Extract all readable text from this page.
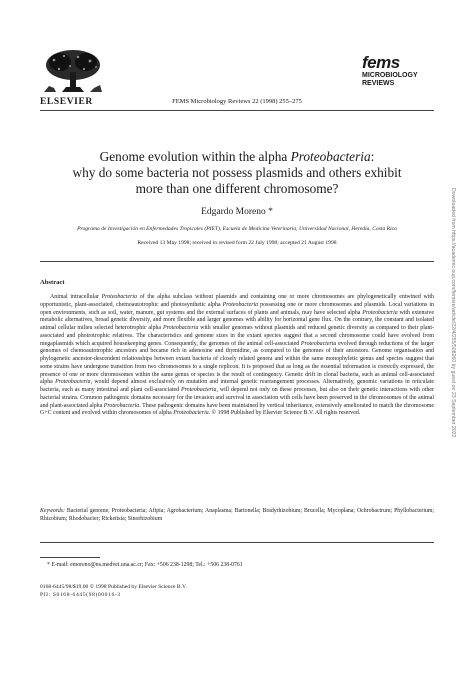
ELSEVIER	FEMS Microbiology Reviews 22 (1998) 255–275
fems
MICROBIOLOGY
REVIEWS
Genome evolution within the alpha Proteobacteria:
why do some bacteria not possess plasmids and others exhibit
more than one different chromosome?
Edgardo Moreno *
Programa de Investigación en Enfermedades Tropicales (PIET), Escuela de Medicina Veterinaria, Universidad Nacional, Heredia, Costa Rica
Received 13 May 1998; received in revised form 22 July 1998; accepted 21 August 1998
Abstract
Animal intracellular Proteobacteria of the alpha subclass without plasmids and containing one or more chromosomes are phylogenetically entwined with opportunistic, plant-associated, chemoautotrophic and photosynthetic alpha Proteobacteria possessing one or more chromosomes and plasmids. Local variations in open environments, such as soil, water, manure, gut systems and the external surfaces of plants and animals, may have selected alpha Proteobacteria with extensive metabolic alternatives, broad genetic diversity, and more flexible and larger genomes with ability for horizontal gene flux. On the contrary, the constant and isolated animal cellular milieu selected heterotrophic alpha Proteobacteria with smaller genomes without plasmids and reduced genetic diversity as compared to their plant-associated and photrotrophic relatives. The characteristics and genome sizes in the extant species suggest that a second chromosome could have evolved from megaplasmids which acquired housekeeping genes. Consequently, the genomes of the animal cell-associated Proteobacteria evolved through reductions of the larger genomes of chemoautotrophic ancestors and became rich in adenosine and thymidine, as compared to the genomes of their ancestors. Genome organisation and phylogenetic ancestor-descendent relationships between extant bacteria of closely related genera and within the same monophyletic genus and species suggest that some strains have undergone transition from two chromosomes to a single replicon. It is proposed that as long as the essential information is correctly expressed, the presence of one or more chromosomes within the same genus or species is the result of contingency. Genetic drift in clonal bacteria, such as animal cell-associated alpha Proteobacteria, would depend almost exclusively on mutation and internal genetic rearrangement processes. Alternatively, genomic variations in reticulate bacteria, such as many intestinal and plant cell-associated Proteobacteria, will depend not only on these processes, but also on their genetic interactions with other bacterial strains. Common pathogenic domains necessary for the invasion and survival in association with cells have been preserved in the chromosomes of the animal and plant-associated alpha Proteobacteria. These pathogenic domains have been maintained by vertical inheritance, extensively ameliorated to match the chromosome G+C content and evolved within chromosomes of alpha Proteobacteria. © 1998 Published by Elsevier Science B.V. All rights reserved.
Keywords: Bacterial genome; Proteobacteria; Afipia; Agrobacterium; Anaplasma; Bartonella; Bradyrhizobium; Brucella; Mycoplana; Ochrobactrum; Phyllobacterium; Rhizobium; Rhodobacter; Rickettsia; Sinorhizobium
* E-mail: emoreno@ns.medvet.una.ac.cr; Fax: +506 238-1298; Tel.: +506 238-0761
0168-6445/98/$19.00 © 1998 Published by Elsevier Science B.V.
PII: S0168-6445(98)00016-3
Downloaded from https://academic.oup.com/femsre/article/22/4/255/508260 by guest on 23 September 2022
